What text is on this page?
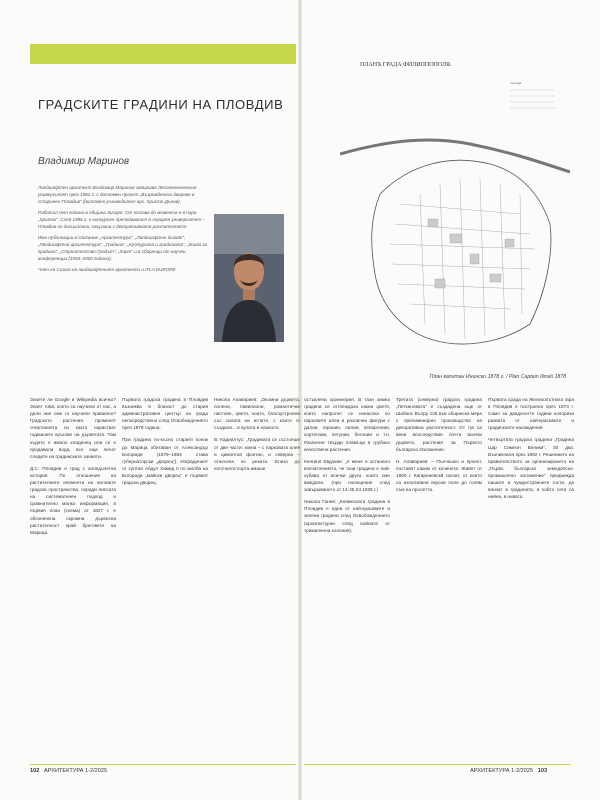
ГРАДСКИТЕ ГРАДИНИ НА ПЛОВДИВ
Владимир Маринов

Ландшафтен архитект Владимир Маринов завършва Лесотехническия университет през 1982 г. с дипломен проект „Възрожденски дворове в Старинен Пловдив“ (дипломен ръководител арх. Христо Дънов).

Работил пет години в община Хисаря. От тогава до момента е в пара „Хриток“. След 1996 г. е конкурсен преподавател в Аграрен университет – Пловдив по дисциплини, свързани с декоративната растителност.

Има публикации в списание „Архитектура“, „Ландшафтно дизайн“, „Ландшафтна архитектура“, „Градина“, „Културата и градината“, „Книга за градина“, „Строителство-Градът“, „Хорт“ и в сборници от научни конференции (1993–2000 години).

Член на Съюза на ландшафтните архитекти и IFLA EUROPE.

Знаете ли Google и Wikipedia всичко? Знаят това, което са научили от нас, а дали ние сме го научили правилно? Градското растения, променят очертанията си както нарастват годишните кръгове на дърветата. Там където е имало кладенец или се е продавала вода, все още личат следите на градинските занаяти.

Д.С. Пловдив е град с хилядолетна история. По отношение на растителните елементи на неговите градски пространства, поради липсата на систематичен подход и сравнително малко информация, в първия план (схема) от 1827 г. е обозначена скромна дървесна растителност край бреговете на Марица.

Първата градска градина в Пловдив възниква в близост до стария административен център на града непосредствено след Освобождението през 1878 година.

При градина по-късно старият конак до Марица обитаван от Александър Богориди (1879–1884 става губернаторски „дворец“). Изграденият от султан Абдул Хамид II по молба на Богориди „майски дворец“ е първият градски дворец.

Никола Алавариев: „Окомни дървета, полени, павилиони, романтични листове, цветя, които, благоустроили със силата на иглите, с които го създали... в кулата и наоколо.

В. Кадиалтус: „Градината се състоеше от две части: южна – с парковата алея и цимонтов фонтан, и северна – отнесена по реката. Близо до източната порта имаше

102 АРХИТЕКТУРА 1-2/2025
ПЛАНЪ ГРАДА ФИЛИППОПОЛЯ.
легенда
План капитан Инински 1878 г. / Plan Captain Ilinski 1878

остъклена оранжерия. В тази зимна градина се отглеждаха южни цветя, които напролет се изнасяха по парковите алеи в различни фигури с далии, герании, лилии, пеларгонии, хортензии, петунии, бегонии и т.н. Различни твърди пламъци в грубоко качествени растения.

Княгиня Евдокия: „У мене е останало впечатлението, че тази градина е най-хубава от всички други, които сме виждали. (при посещение след завършването от 14-25.04.1928 г.)

Никола Ганев: „Княжеската градина в Пловдив е една от най-красивите и зелени градини след Освобождението (архитектурни след войната от тримиленна колония).

Третата (северна) градска градина „Петкановата“ е създадена още от Шабанс Вълру 125 във общинска мера с прелиминарно производство на декоративна растителност. От тук са вени впоследствие почти всички дървета, растения за Първото българско Изложение.

Н. Алавариев: – Пъпчешко и проект, поставят каким от кочинета. Живят от 1900 г. Кагареиевскй гаснат, от които са използвани вкусни поле до голям съм на пролетта.

Първата срада на Железопътната гара в Пловдив е построена през 1873 г. Само за двадесетте години колориза развита от най-красивите и градинските насаждения.

Четвъртата градска градина „Градина Цар Симеон Велики“, 30 дка. Възникнала през 1892 г. Решението на правителството за организирането на „Първо българско земеделско-промишлено изложение“ предвижда нашите и чуждестранните гости, да влизат в градината, в който сега са нейна, в нивата.

АРХИТЕКТУРА 1-2/2025 103
